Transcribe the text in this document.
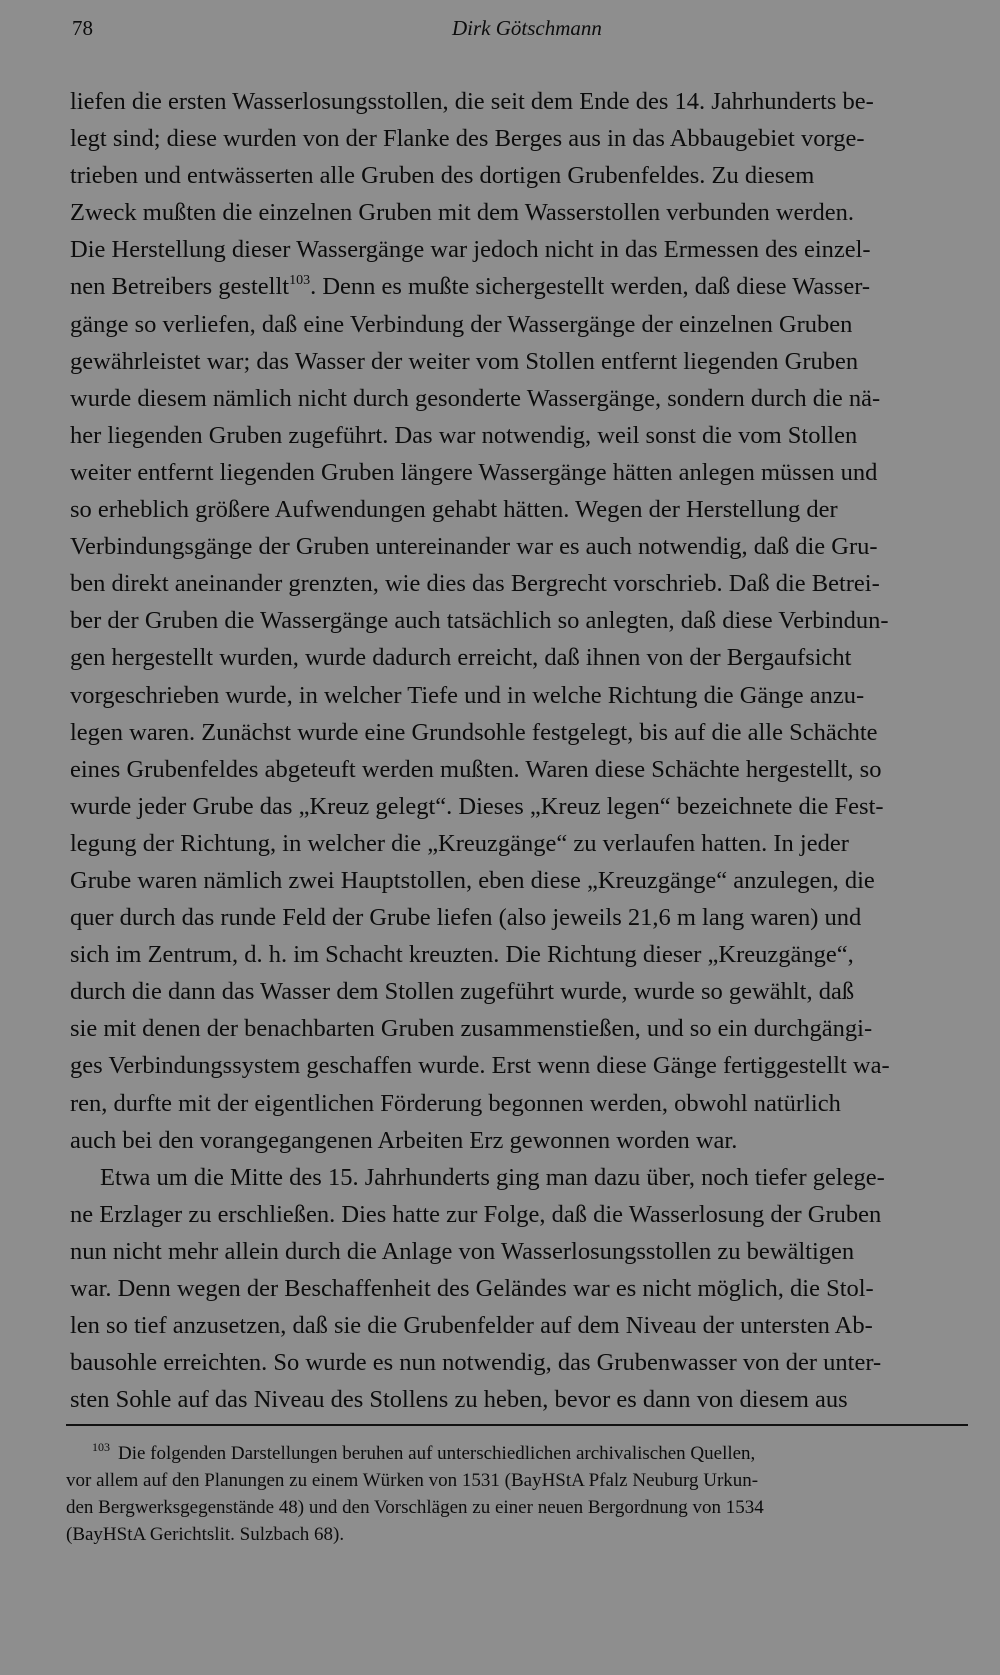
78	Dirk Götschmann

liefen die ersten Wasserlosungsstollen, die seit dem Ende des 14. Jahrhunderts be-
legt sind; diese wurden von der Flanke des Berges aus in das Abbaugebiet vorge-
trieben und entwässerten alle Gruben des dortigen Grubenfeldes. Zu diesem
Zweck mußten die einzelnen Gruben mit dem Wasserstollen verbunden werden.
Die Herstellung dieser Wassergänge war jedoch nicht in das Ermessen des einzel-
nen Betreibers gestellt$^{103}$. Denn es mußte sichergestellt werden, daß diese Wasser-
gänge so verliefen, daß eine Verbindung der Wassergänge der einzelnen Gruben
gewährleistet war; das Wasser der weiter vom Stollen entfernt liegenden Gruben
wurde diesem nämlich nicht durch gesonderte Wassergänge, sondern durch die nä-
her liegenden Gruben zugeführt. Das war notwendig, weil sonst die vom Stollen
weiter entfernt liegenden Gruben längere Wassergänge hätten anlegen müssen und
so erheblich größere Aufwendungen gehabt hätten. Wegen der Herstellung der
Verbindungsgänge der Gruben untereinander war es auch notwendig, daß die Gru-
ben direkt aneinander grenzten, wie dies das Bergrecht vorschrieb. Daß die Betrei-
ber der Gruben die Wassergänge auch tatsächlich so anlegten, daß diese Verbindun-
gen hergestellt wurden, wurde dadurch erreicht, daß ihnen von der Bergaufsicht
vorgeschrieben wurde, in welcher Tiefe und in welche Richtung die Gänge anzu-
legen waren. Zunächst wurde eine Grundsohle festgelegt, bis auf die alle Schächte
eines Grubenfeldes abgeteuft werden mußten. Waren diese Schächte hergestellt, so
wurde jeder Grube das „Kreuz gelegt“. Dieses „Kreuz legen“ bezeichnete die Fest-
legung der Richtung, in welcher die „Kreuzgänge“ zu verlaufen hatten. In jeder
Grube waren nämlich zwei Hauptstollen, eben diese „Kreuzgänge“ anzulegen, die
quer durch das runde Feld der Grube liefen (also jeweils 21,6 m lang waren) und
sich im Zentrum, d. h. im Schacht kreuzten. Die Richtung dieser „Kreuzgänge“,
durch die dann das Wasser dem Stollen zugeführt wurde, wurde so gewählt, daß
sie mit denen der benachbarten Gruben zusammenstießen, und so ein durchgängi-
ges Verbindungssystem geschaffen wurde. Erst wenn diese Gänge fertiggestellt wa-
ren, durfte mit der eigentlichen Förderung begonnen werden, obwohl natürlich
auch bei den vorangegangenen Arbeiten Erz gewonnen worden war.

Etwa um die Mitte des 15. Jahrhunderts ging man dazu über, noch tiefer gelege-
ne Erzlager zu erschließen. Dies hatte zur Folge, daß die Wasserlosung der Gruben
nun nicht mehr allein durch die Anlage von Wasserlosungsstollen zu bewältigen
war. Denn wegen der Beschaffenheit des Geländes war es nicht möglich, die Stol-
len so tief anzusetzen, daß sie die Grubenfelder auf dem Niveau der untersten Ab-
bausohle erreichten. So wurde es nun notwendig, das Grubenwasser von der unter-
sten Sohle auf das Niveau des Stollens zu heben, bevor es dann von diesem aus

$^{103}$ Die folgenden Darstellungen beruhen auf unterschiedlichen archivalischen Quellen,
vor allem auf den Planungen zu einem Würken von 1531 (BayHStA Pfalz Neuburg Urkun-
den Bergwerksgegenstände 48) und den Vorschlägen zu einer neuen Bergordnung von 1534
(BayHStA Gerichtslit. Sulzbach 68).
